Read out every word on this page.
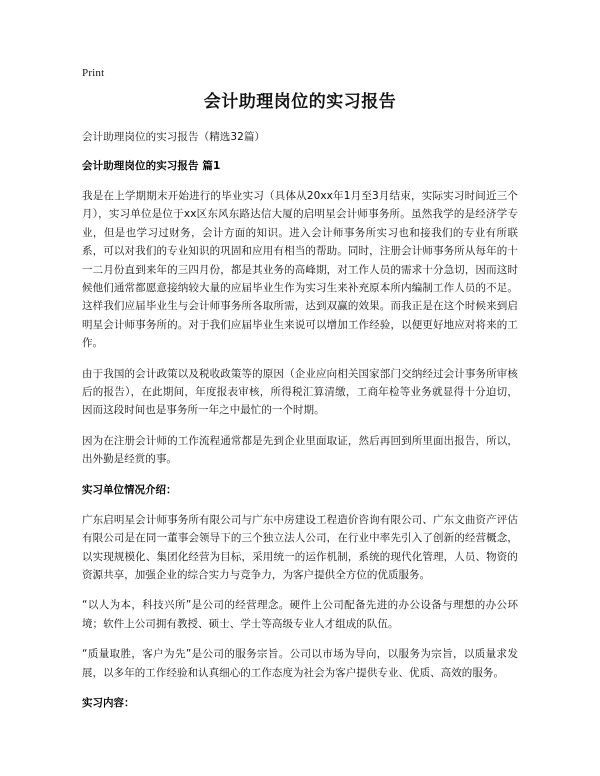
Print
会计助理岗位的实习报告

会计助理岗位的实习报告（精选32篇）

会计助理岗位的实习报告 篇1

我是在上学期期末开始进行的毕业实习（具体从20xx年1月至3月结束，实际实习时间近三个月），实习单位是位于xx区东风东路达信大厦的启明星会计师事务所。虽然我学的是经济学专业，但是也学习过财务，会计方面的知识。进入会计师事务所实习也和接我们的专业有所联系，可以对我们的专业知识的巩固和应用有相当的帮助。同时，注册会计师事务所从每年的十一二月份直到来年的三四月份，都是其业务的高峰期，对工作人员的需求十分急切，因而这时候他们通常都愿意接纳较大量的应届毕业生作为实习生来补充原本所内编制工作人员的不足。这样我们应届毕业生与会计师事务所各取所需，达到双赢的效果。而我正是在这个时候来到启明星会计师事务所的。对于我们应届毕业生来说可以增加工作经验，以便更好地应对将来的工作。

由于我国的会计政策以及税收政策等的原因（企业应向相关国家部门交纳经过会计事务所审核后的报告），在此期间，年度报表审核，所得税汇算清缴，工商年检等业务就显得十分迫切，因而这段时间也是事务所一年之中最忙的一个时期。

因为在注册会计师的工作流程通常都是先到企业里面取证，然后再回到所里面出报告，所以，出外勤是经赏的事。

实习单位情况介绍：

广东启明星会计师事务所有限公司与广东中房建设工程造价咨询有限公司、广东文曲资产评估有限公司是在同一董事会领导下的三个独立法人公司，在行业中率先引入了创新的经营概念，以实现规模化、集团化经营为目标，采用统一的运作机制，系统的现代化管理，人员、物资的资源共享，加强企业的综合实力与竞争力，为客户提供全方位的优质服务。

“以人为本，科技兴所”是公司的经营理念。硬件上公司配备先进的办公设备与理想的办公环境；软件上公司拥有教授、硕士、学士等高级专业人才组成的队伍。

“质量取胜，客户为先”是公司的服务宗旨。公司以市场为导向，以服务为宗旨，以质量求发展，以多年的工作经验和认真细心的工作态度为社会为客户提供专业、优质、高效的服务。

实习内容：
